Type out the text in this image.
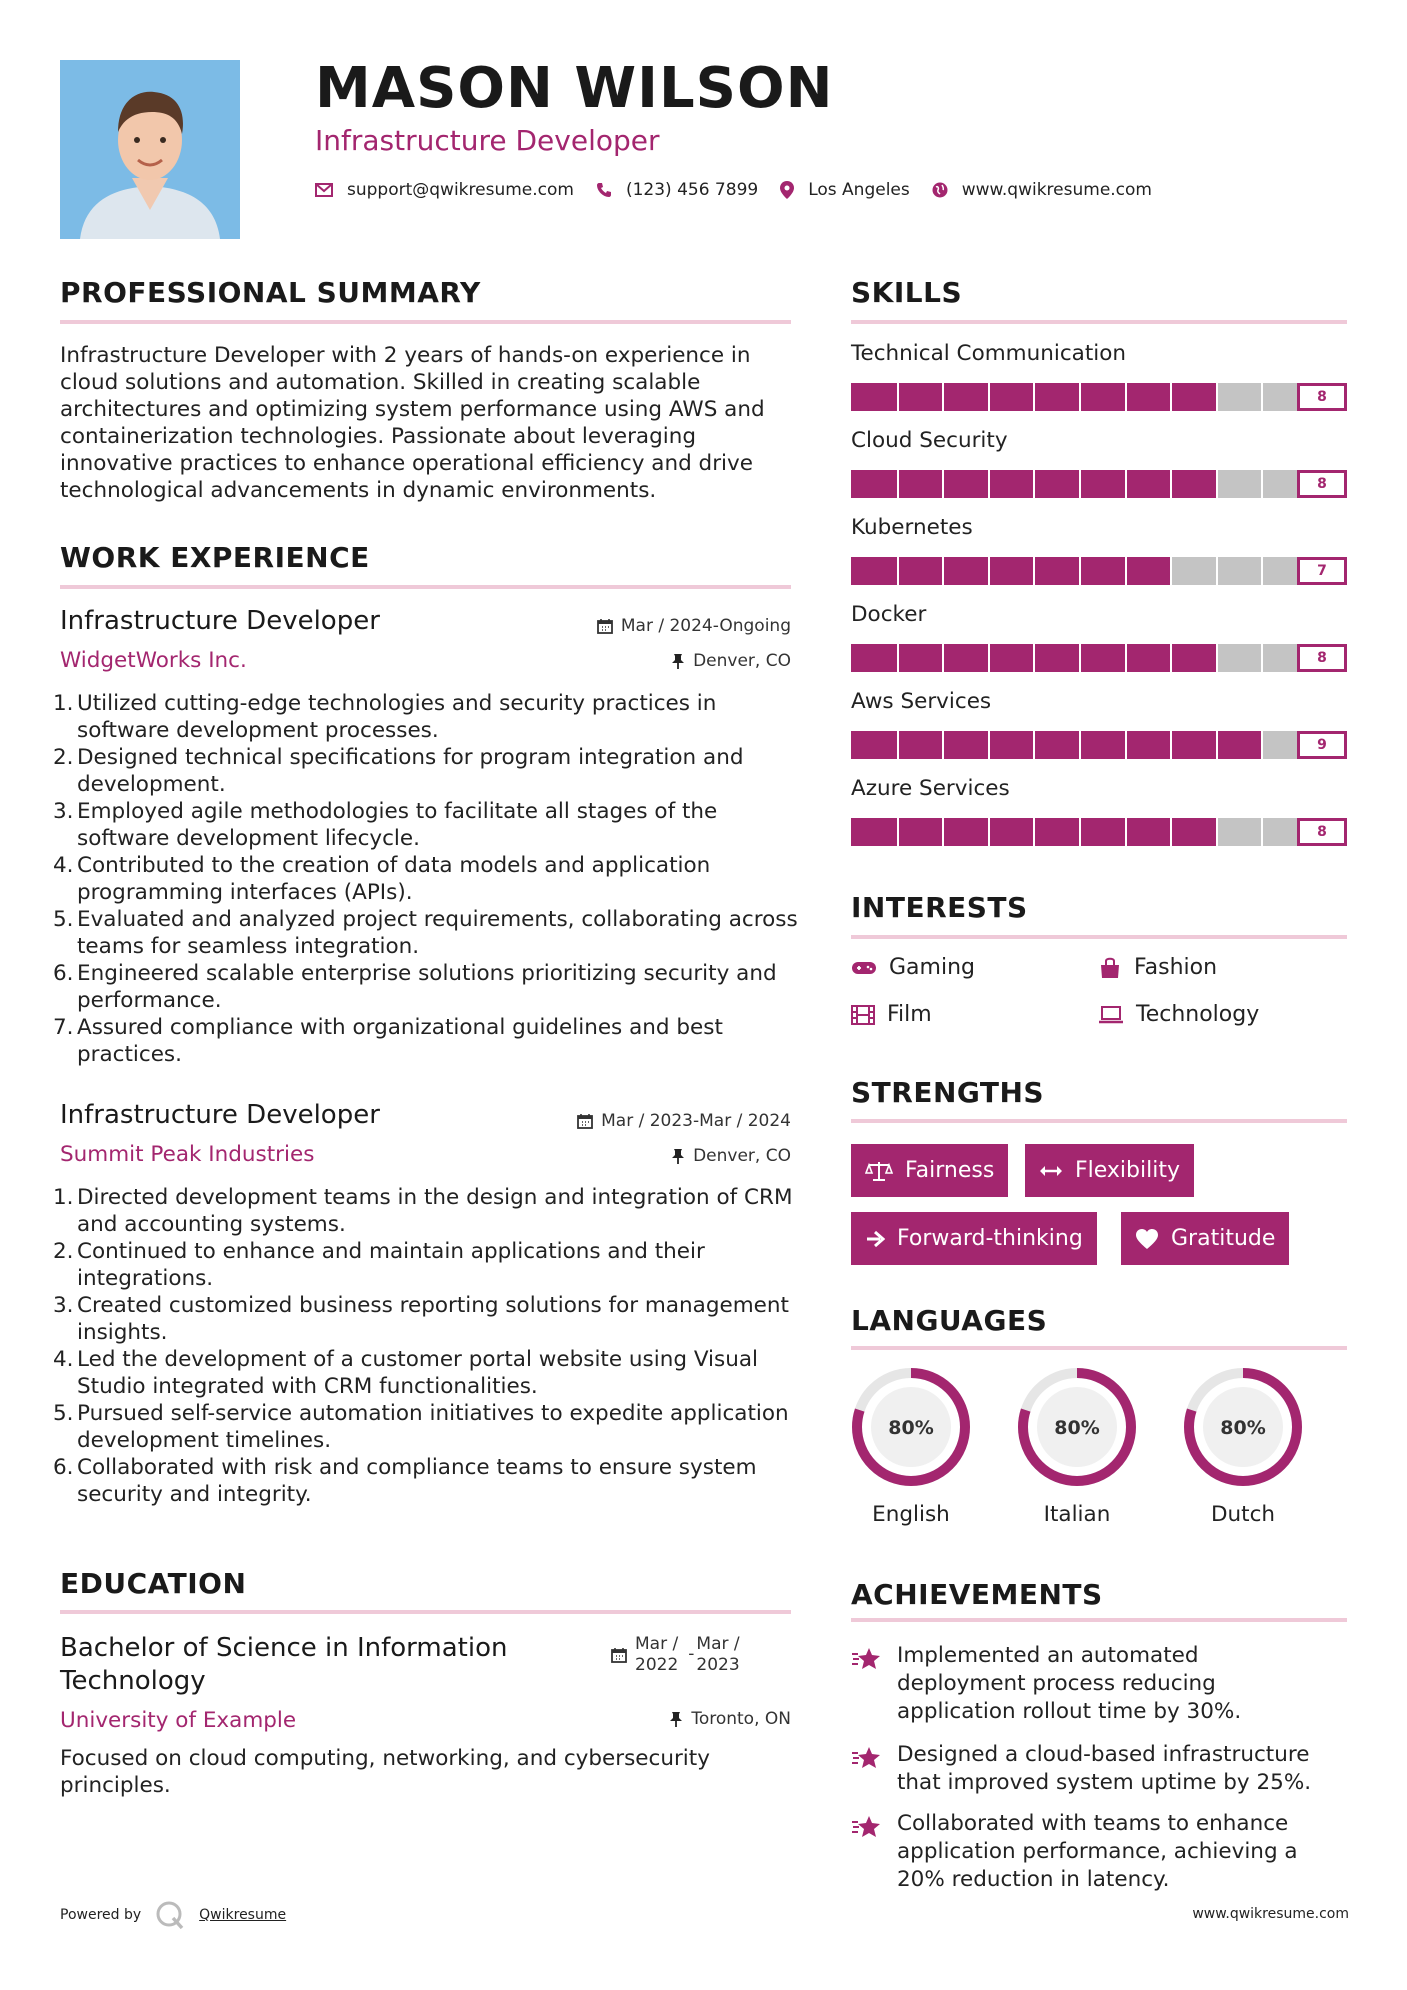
MASON WILSON
Infrastructure Developer
support@qwikresume.com	(123) 456 7899	Los Angeles	www.qwikresume.com
PROFESSIONAL SUMMARY
Infrastructure Developer with 2 years of hands-on experience in cloud solutions and automation. Skilled in creating scalable architectures and optimizing system performance using AWS and containerization technologies. Passionate about leveraging innovative practices to enhance operational efficiency and drive technological advancements in dynamic environments.
WORK EXPERIENCE
Infrastructure Developer	Mar / 2024-Ongoing
WidgetWorks Inc.	Denver, CO
1. Utilized cutting-edge technologies and security practices in software development processes.
2. Designed technical specifications for program integration and development.
3. Employed agile methodologies to facilitate all stages of the software development lifecycle.
4. Contributed to the creation of data models and application programming interfaces (APIs).
5. Evaluated and analyzed project requirements, collaborating across teams for seamless integration.
6. Engineered scalable enterprise solutions prioritizing security and performance.
7. Assured compliance with organizational guidelines and best practices.
Infrastructure Developer	Mar / 2023-Mar / 2024
Summit Peak Industries	Denver, CO
1. Directed development teams in the design and integration of CRM and accounting systems.
2. Continued to enhance and maintain applications and their integrations.
3. Created customized business reporting solutions for management insights.
4. Led the development of a customer portal website using Visual Studio integrated with CRM functionalities.
5. Pursued self-service automation initiatives to expedite application development timelines.
6. Collaborated with risk and compliance teams to ensure system security and integrity.
EDUCATION
Bachelor of Science in Information Technology
Mar /
2022
- Mar /
2023
University of Example	Toronto, ON
Focused on cloud computing, networking, and cybersecurity principles.
SKILLS
Technical Communication
8
Cloud Security
8
Kubernetes
7
Docker
8
Aws Services
9
Azure Services
8
INTERESTS
Gaming	Fashion
Film	Technology
STRENGTHS
Fairness	Flexibility
Forward-thinking	Gratitude
LANGUAGES
80%
English
80%
Italian
80%
Dutch
ACHIEVEMENTS
Implemented an automated deployment process reducing application rollout time by 30%.
Designed a cloud-based infrastructure that improved system uptime by 25%.
Collaborated with teams to enhance application performance, achieving a 20% reduction in latency.
Powered by	Qwikresume	www.qwikresume.com
